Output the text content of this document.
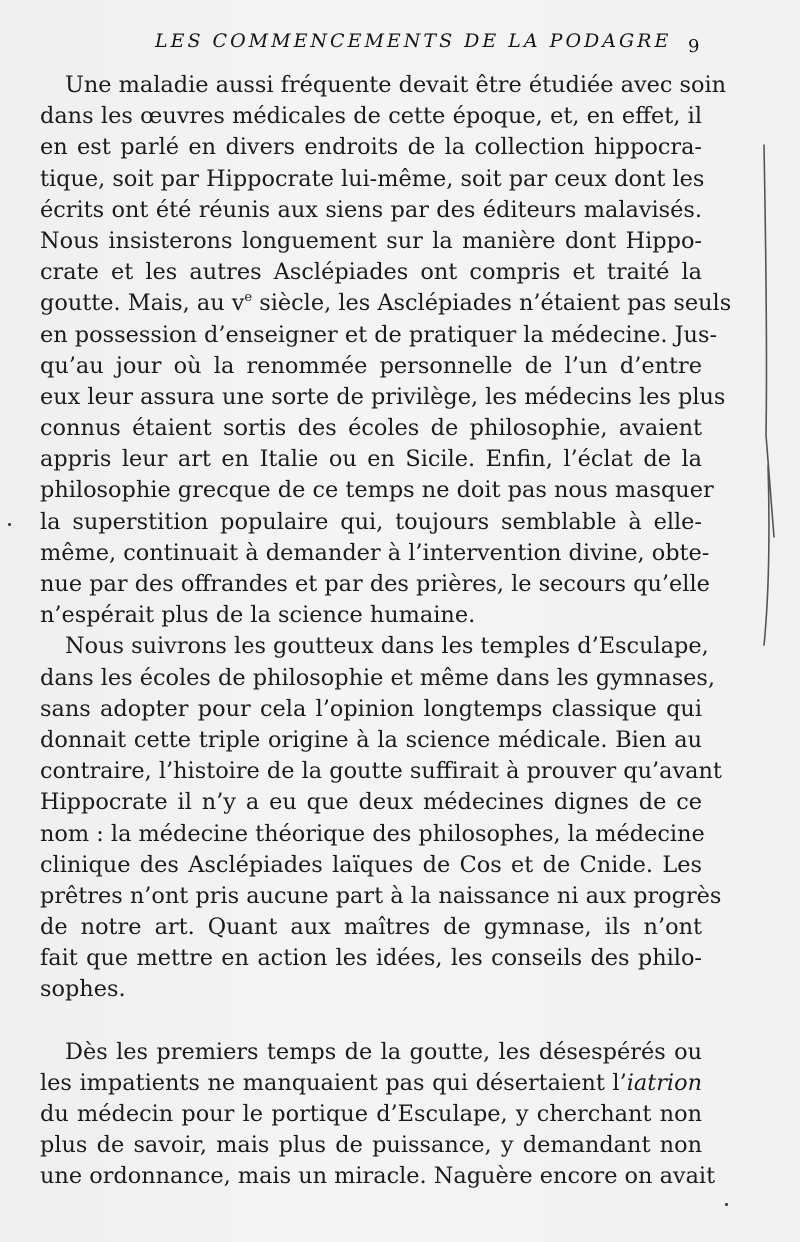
LES COMMENCEMENTS DE LA PODAGRE 9
Une maladie aussi fréquente devait être étudiée avec soin
dans les œuvres médicales de cette époque, et, en effet, il
en est parlé en divers endroits de la collection hippocra-
tique, soit par Hippocrate lui-même, soit par ceux dont les
écrits ont été réunis aux siens par des éditeurs malavisés.
Nous insisterons longuement sur la manière dont Hippo-
crate et les autres Asclépiades ont compris et traité la
goutte. Mais, au $v^e$ siècle, les Asclépiades n’étaient pas seuls
en possession d’enseigner et de pratiquer la médecine. Jus-
qu’au jour où la renommée personnelle de l’un d’entre
eux leur assura une sorte de privilège, les médecins les plus
connus étaient sortis des écoles de philosophie, avaient
appris leur art en Italie ou en Sicile. Enfin, l’éclat de la
philosophie grecque de ce temps ne doit pas nous masquer
la superstition populaire qui, toujours semblable à elle-
même, continuait à demander à l’intervention divine, obte-
nue par des offrandes et par des prières, le secours qu’elle
n’espérait plus de la science humaine.
Nous suivrons les goutteux dans les temples d’Esculape,
dans les écoles de philosophie et même dans les gymnases,
sans adopter pour cela l’opinion longtemps classique qui
donnait cette triple origine à la science médicale. Bien au
contraire, l’histoire de la goutte suffirait à prouver qu’avant
Hippocrate il n’y a eu que deux médecines dignes de ce
nom : la médecine théorique des philosophes, la médecine
clinique des Asclépiades laïques de Cos et de Cnide. Les
prêtres n’ont pris aucune part à la naissance ni aux progrès
de notre art. Quant aux maîtres de gymnase, ils n’ont
fait que mettre en action les idées, les conseils des philo-
sophes.
Dès les premiers temps de la goutte, les désespérés ou
les impatients ne manquaient pas qui désertaient l’iatrion
du médecin pour le portique d’Esculape, y cherchant non
plus de savoir, mais plus de puissance, y demandant non
une ordonnance, mais un miracle. Naguère encore on avait
